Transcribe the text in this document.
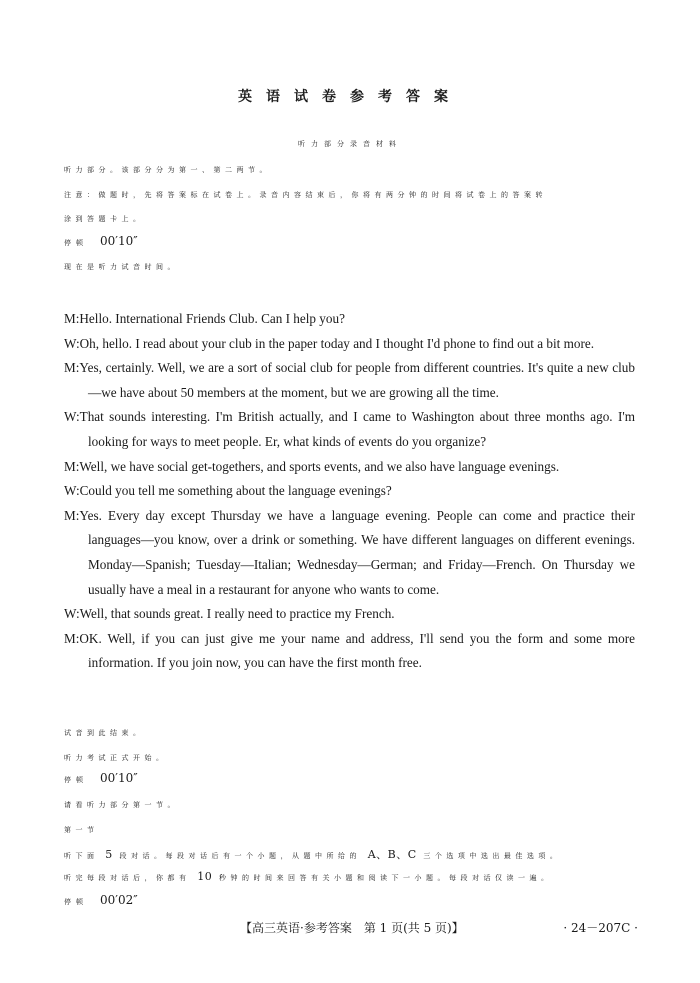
英语试卷参考答案
听力部分录音材料
听力部分。该部分分为第一、第二两节。
注意：做题时，先将答案标在试卷上。录音内容结束后，你将有两分钟的时间将试卷上的答案转
涂到答题卡上。
停顿 00′10″
现在是听力试音时间。
M:Hello. International Friends Club. Can I help you?
W:Oh, hello. I read about your club in the paper today and I thought I'd phone to find out a bit more.
M:Yes, certainly. Well, we are a sort of social club for people from different countries. It's quite a new club—we have about 50 members at the moment, but we are growing all the time.
W:That sounds interesting. I'm British actually, and I came to Washington about three months ago. I'm looking for ways to meet people. Er, what kinds of events do you organize?
M:Well, we have social get-togethers, and sports events, and we also have language evenings.
W:Could you tell me something about the language evenings?
M:Yes. Every day except Thursday we have a language evening. People can come and practice their languages—you know, over a drink or something. We have different languages on different evenings. Monday—Spanish; Tuesday—Italian; Wednesday—German; and Friday—French. On Thursday we usually have a meal in a restaurant for anyone who wants to come.
W:Well, that sounds great. I really need to practice my French.
M:OK. Well, if you can just give me your name and address, I'll send you the form and some more information. If you join now, you can have the first month free.
试音到此结束。
听力考试正式开始。
停顿 00′10″
请看听力部分第一节。
第一节
听下面 5 段对话。每段对话后有一个小题，从题中所给的 A、B、C 三个选项中选出最佳选项。
听完每段对话后，你都有 10 秒钟的时间来回答有关小题和阅读下一小题。每段对话仅读一遍。
停顿 00′02″
【高三英语·参考答案　第 1 页(共 5 页)】	· 24－207C ·
